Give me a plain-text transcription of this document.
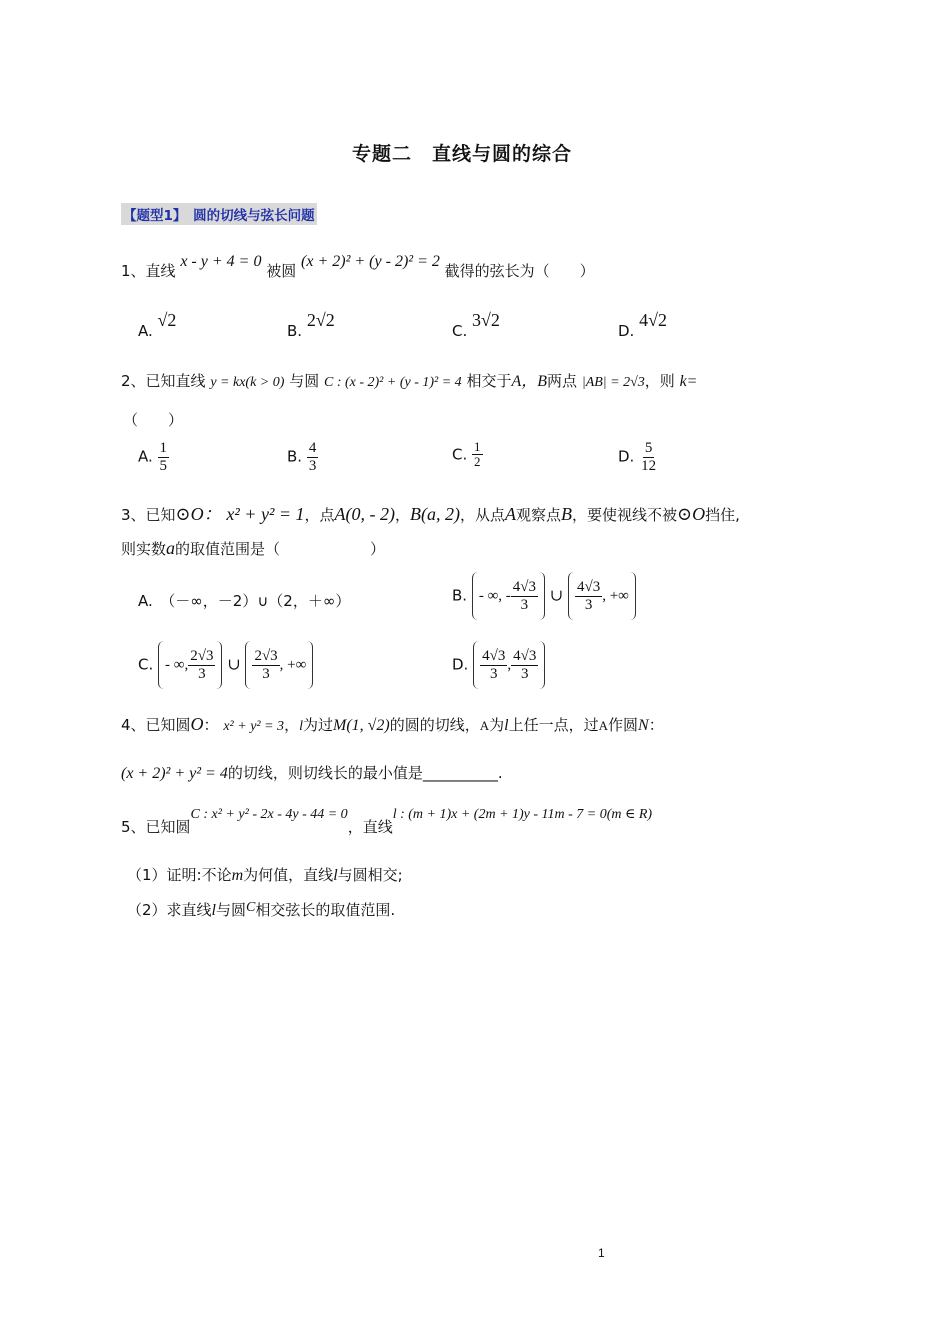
专题二　直线与圆的综合
【题型1】　圆的切线与弦长问题
1、直线 x - y + 4 = 0 被圆 (x + 2)² + (y - 2)² = 2 截得的弦长为（　　）
A. √2
B. 2√2
C. 3√2
D. 4√2
2、已知直线 y = kx(k > 0) 与圆 C : (x - 2)² + (y - 1)² = 4 相交于A，B两点 |AB| = 2√3，则 k=
（　　）
A. $\frac{1}{5}$	B. $\frac{4}{3}$	C. $\frac{1}{2}$	D. $\frac{5}{12}$
3、已知⊙O： x² + y² = 1，点A(0, - 2)，B(a, 2)，从点A观察点B，要使视线不被⊙O挡住,
则实数a的取值范围是（　　　　　　）
A.　 （－∞，－2）∪（2，＋∞）	B. - ∞, - $\frac{4√3}{3}$ ∪ $\frac{4√3}{3}$ , +∞
C. - ∞, $\frac{2√3}{3}$ ∪ $\frac{2√3}{3}$ , +∞	D. $\frac{4√3}{3}$ , $\frac{4√3}{3}$
4、已知圆O： x² + y² = 3，l为过M(1, √2)的圆的切线，A为l上任一点，过A作圆N：
(x + 2)² + y² = 4的切线，则切线长的最小值是__________.
5、已知圆C : x² + y² - 2x - 4y - 44 = 0，直线l : (m + 1)x + (2m + 1)y - 11m - 7 = 0(m ∈ R)
（1）证明:不论m为何值，直线l与圆相交;
（2）求直线l与圆C相交弦长的取值范围.
1
